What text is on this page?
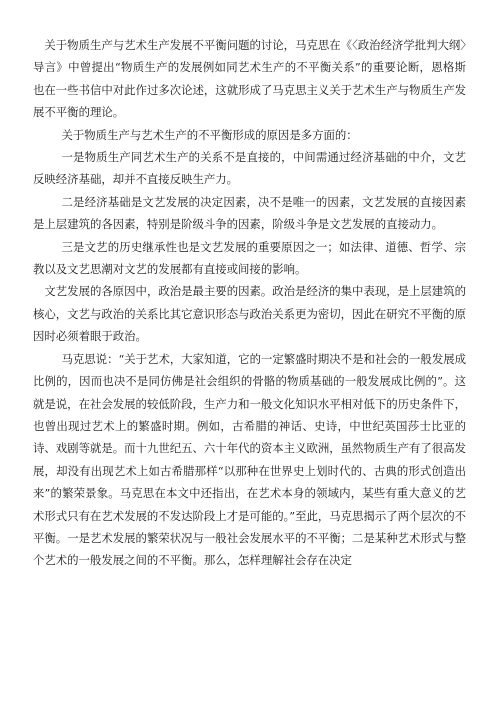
关于物质生产与艺术生产发展不平衡问题的讨论，马克思在《〈政治经济学批判大纲〉导言》中曾提出“物质生产的发展例如同艺术生产的不平衡关系”的重要论断，恩格斯也在一些书信中对此作过多次论述，这就形成了马克思主义关于艺术生产与物质生产发展不平衡的理论。

关于物质生产与艺术生产的不平衡形成的原因是多方面的：

一是物质生产同艺术生产的关系不是直接的，中间需通过经济基础的中介，文艺反映经济基础，却并不直接反映生产力。

二是经济基础是文艺发展的决定因素，决不是唯一的因素，文艺发展的直接因素是上层建筑的各因素，特别是阶级斗争的因素，阶级斗争是文艺发展的直接动力。

三是文艺的历史继承性也是文艺发展的重要原因之一；如法律、道德、哲学、宗教以及文艺思潮对文艺的发展都有直接或间接的影响。

文艺发展的各原因中，政治是最主要的因素。政治是经济的集中表现，是上层建筑的核心，文艺与政治的关系比其它意识形态与政治关系更为密切，因此在研究不平衡的原因时必须着眼于政治。

马克思说：“关于艺术，大家知道，它的一定繁盛时期决不是和社会的一般发展成比例的，因而也决不是同仿佛是社会组织的骨骼的物质基础的一般发展成比例的”。这就是说，在社会发展的较低阶段，生产力和一般文化知识水平相对低下的历史条件下，也曾出现过艺术上的繁盛时期。例如，古希腊的神话、史诗，中世纪英国莎士比亚的诗、戏剧等就是。而十九世纪五、六十年代的资本主义欧洲，虽然物质生产有了很高发展，却没有出现艺术上如古希腊那样“以那种在世界史上划时代的、古典的形式创造出来”的繁荣景象。马克思在本文中还指出，在艺术本身的领域内，某些有重大意义的艺术形式只有在艺术发展的不发达阶段上才是可能的。”至此，马克思揭示了两个层次的不平衡。一是艺术发展的繁荣状况与一般社会发展水平的不平衡；二是某种艺术形式与整个艺术的一般发展之间的不平衡。那么，怎样理解社会存在决定
